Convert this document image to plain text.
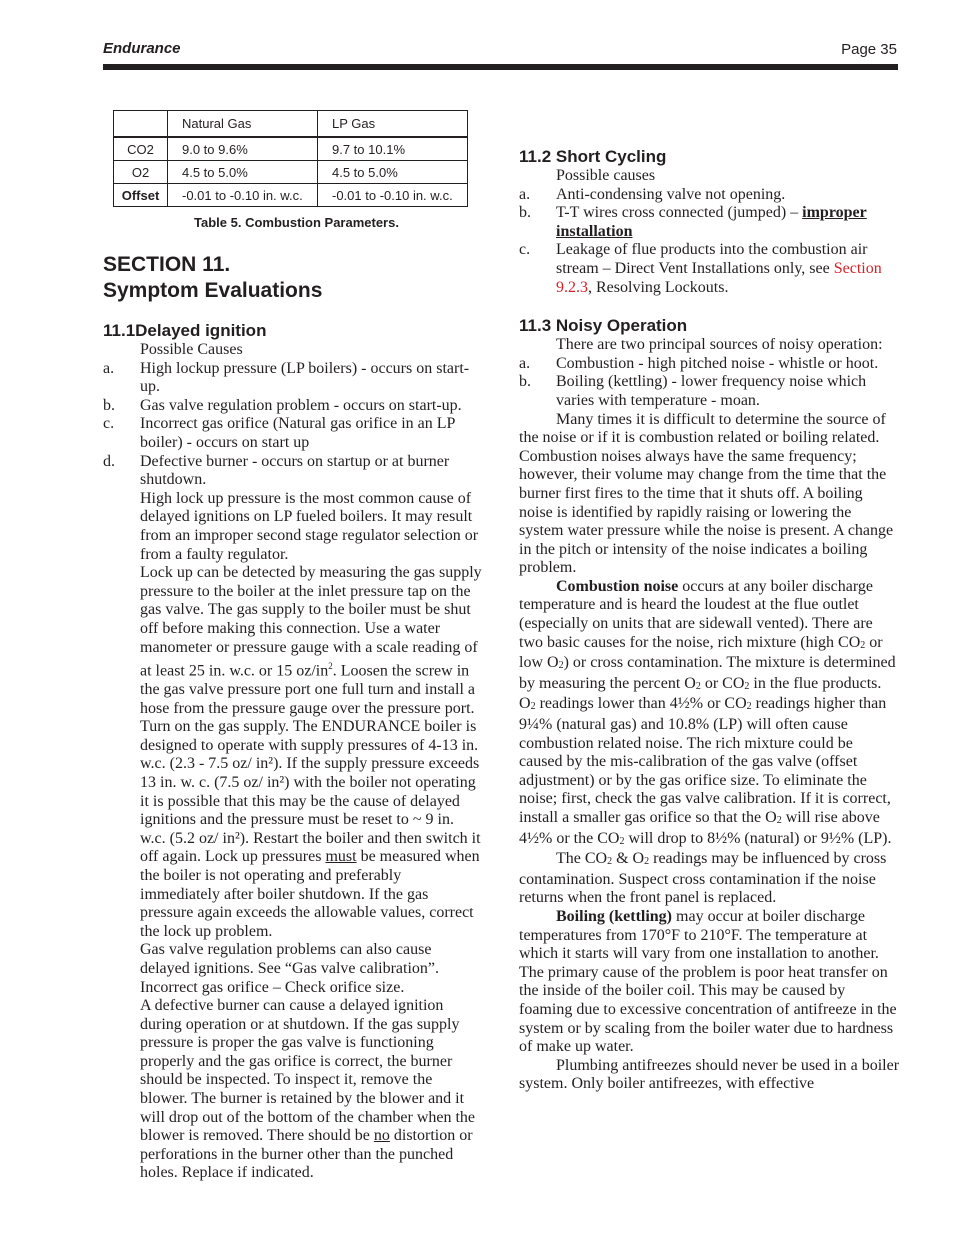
Endurance	Page 35
	Natural Gas	LP Gas
CO2	9.0 to 9.6%	9.7 to 10.1%
O2	4.5 to 5.0%	4.5 to 5.0%
Offset	-0.01 to -0.10 in. w.c.	-0.01 to -0.10 in. w.c.
Table 5. Combustion Parameters.
SECTION 11.
Symptom Evaluations
11.1Delayed ignition

Possible Causes

a.	High lockup pressure (LP boilers) - occurs on start-up.
b.	Gas valve regulation problem - occurs on start-up.
c.	Incorrect gas orifice (Natural gas orifice in an LP boiler) - occurs on start up
d.	Defective burner - occurs on startup or at burner shutdown.

High lock up pressure is the most common cause of delayed ignitions on LP fueled boilers. It may result from an improper second stage regulator selection or from a faulty regulator.

Lock up can be detected by measuring the gas supply pressure to the boiler at the inlet pressure tap on the gas valve. The gas supply to the boiler must be shut off before making this connection. Use a water manometer or pressure gauge with a scale reading of at least 25 in. w.c. or 15 $oz/in^2$. Loosen the screw in the gas valve pressure port one full turn and install a hose from the pressure gauge over the pressure port. Turn on the gas supply. The ENDURANCE boiler is designed to operate with supply pressures of 4-13 in. w.c. (2.3 - 7.5 oz/ in²). If the supply pressure exceeds 13 in. w. c. (7.5 oz/ in²) with the boiler not operating it is possible that this may be the cause of delayed ignitions and the pressure must be reset to ~ 9 in. w.c. (5.2 oz/ in²). Restart the boiler and then switch it off again. Lock up pressures must be measured when the boiler is not operating and preferably immediately after boiler shutdown. If the gas pressure again exceeds the allowable values, correct the lock up problem.

Gas valve regulation problems can also cause delayed ignitions. See “Gas valve calibration”.

Incorrect gas orifice – Check orifice size.

A defective burner can cause a delayed ignition during operation or at shutdown. If the gas supply pressure is proper the gas valve is functioning properly and the gas orifice is correct, the burner should be inspected. To inspect it, remove the blower. The burner is retained by the blower and it will drop out of the bottom of the chamber when the blower is removed. There should be no distortion or perforations in the burner other than the punched holes. Replace if indicated.

11.2 Short Cycling

Possible causes

a.	Anti-condensing valve not opening.
b.	T-T wires cross connected (jumped) – improper installation
c.	Leakage of flue products into the combustion air stream – Direct Vent Installations only, see Section 9.2.3, Resolving Lockouts.
11.3 Noisy Operation

There are two principal sources of noisy operation:

a.	Combustion - high pitched noise - whistle or hoot.
b.	Boiling (kettling) - lower frequency noise which varies with temperature - moan.

Many times it is difficult to determine the source of the noise or if it is combustion related or boiling related. Combustion noises always have the same frequency; however, their volume may change from the time that the burner first fires to the time that it shuts off. A boiling noise is identified by rapidly raising or lowering the system water pressure while the noise is present. A change in the pitch or intensity of the noise indicates a boiling problem.

Combustion noise occurs at any boiler discharge temperature and is heard the loudest at the flue outlet (especially on units that are sidewall vented). There are two basic causes for the noise, rich mixture (high $CO_2$ or low $O_2$) or cross contamination. The mixture is determined by measuring the percent $O_2$ or $CO_2$ in the flue products. $O_2$ readings lower than 4½% or $CO_2$ readings higher than 9¼% (natural gas) and 10.8% (LP) will often cause combustion related noise. The rich mixture could be caused by the mis-calibration of the gas valve (offset adjustment) or by the gas orifice size. To eliminate the noise; first, check the gas valve calibration. If it is correct, install a smaller gas orifice so that the $O_2$ will rise above 4½% or the $CO_2$ will drop to 8½% (natural) or 9½% (LP).

The $CO_2$ & $O_2$ readings may be influenced by cross contamination. Suspect cross contamination if the noise returns when the front panel is replaced.

Boiling (kettling) may occur at boiler discharge temperatures from 170°F to 210°F. The temperature at which it starts will vary from one installation to another. The primary cause of the problem is poor heat transfer on the inside of the boiler coil. This may be caused by foaming due to excessive concentration of antifreeze in the system or by scaling from the boiler water due to hardness of make up water.

Plumbing antifreezes should never be used in a boiler system. Only boiler antifreezes, with effective
